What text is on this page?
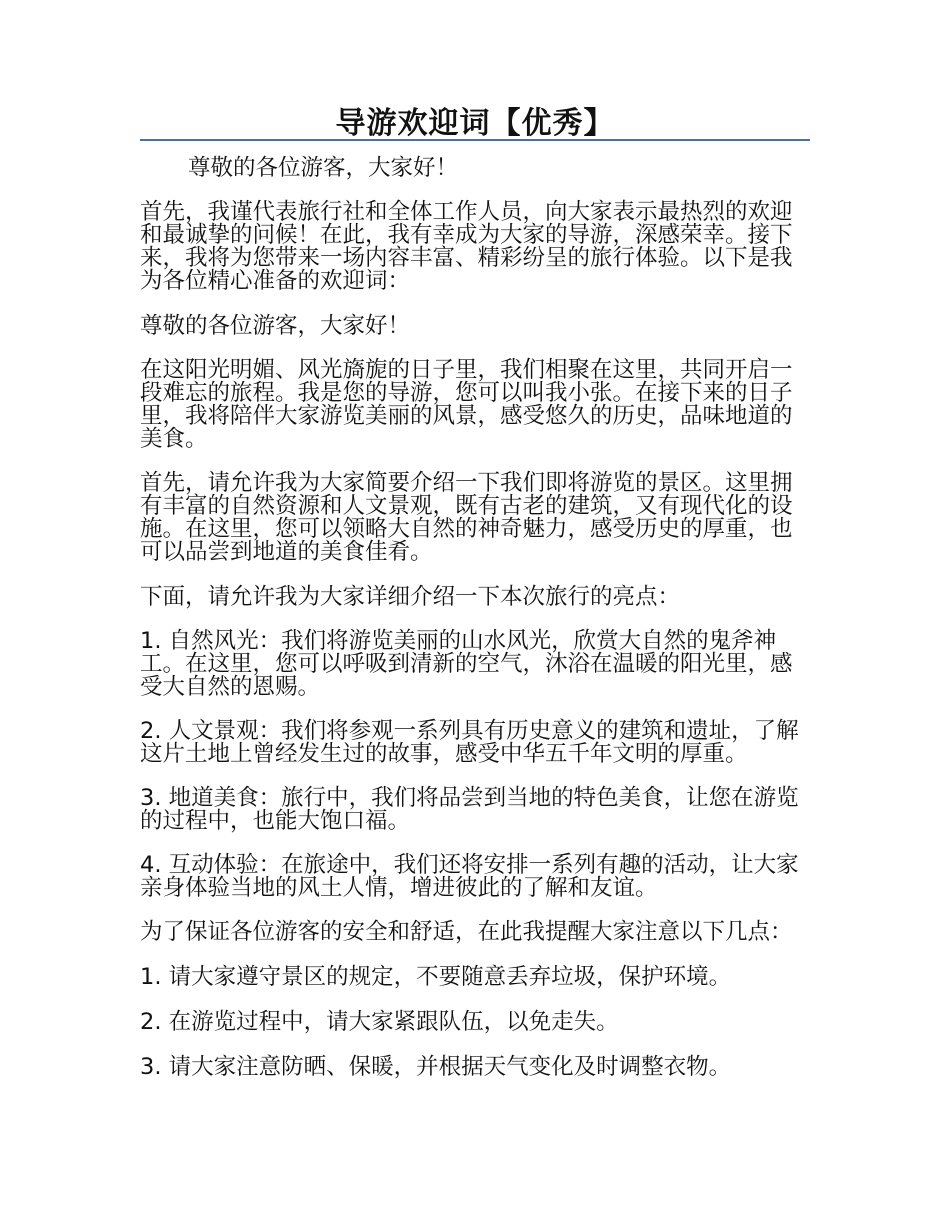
导游欢迎词【优秀】

尊敬的各位游客，大家好！

首先，我谨代表旅行社和全体工作人员，向大家表示最热烈的欢迎和最诚挚的问候！在此，我有幸成为大家的导游，深感荣幸。接下来，我将为您带来一场内容丰富、精彩纷呈的旅行体验。以下是我为各位精心准备的欢迎词：

尊敬的各位游客，大家好！

在这阳光明媚、风光旖旎的日子里，我们相聚在这里，共同开启一段难忘的旅程。我是您的导游，您可以叫我小张。在接下来的日子里，我将陪伴大家游览美丽的风景，感受悠久的历史，品味地道的美食。

首先，请允许我为大家简要介绍一下我们即将游览的景区。这里拥有丰富的自然资源和人文景观，既有古老的建筑，又有现代化的设施。在这里，您可以领略大自然的神奇魅力，感受历史的厚重，也可以品尝到地道的美食佳肴。

下面，请允许我为大家详细介绍一下本次旅行的亮点：

1. 自然风光：我们将游览美丽的山水风光，欣赏大自然的鬼斧神工。在这里，您可以呼吸到清新的空气，沐浴在温暖的阳光里，感受大自然的恩赐。

2. 人文景观：我们将参观一系列具有历史意义的建筑和遗址，了解这片土地上曾经发生过的故事，感受中华五千年文明的厚重。

3. 地道美食：旅行中，我们将品尝到当地的特色美食，让您在游览的过程中，也能大饱口福。

4. 互动体验：在旅途中，我们还将安排一系列有趣的活动，让大家亲身体验当地的风土人情，增进彼此的了解和友谊。

为了保证各位游客的安全和舒适，在此我提醒大家注意以下几点：

1. 请大家遵守景区的规定，不要随意丢弃垃圾，保护环境。

2. 在游览过程中，请大家紧跟队伍，以免走失。

3. 请大家注意防晒、保暖，并根据天气变化及时调整衣物。
